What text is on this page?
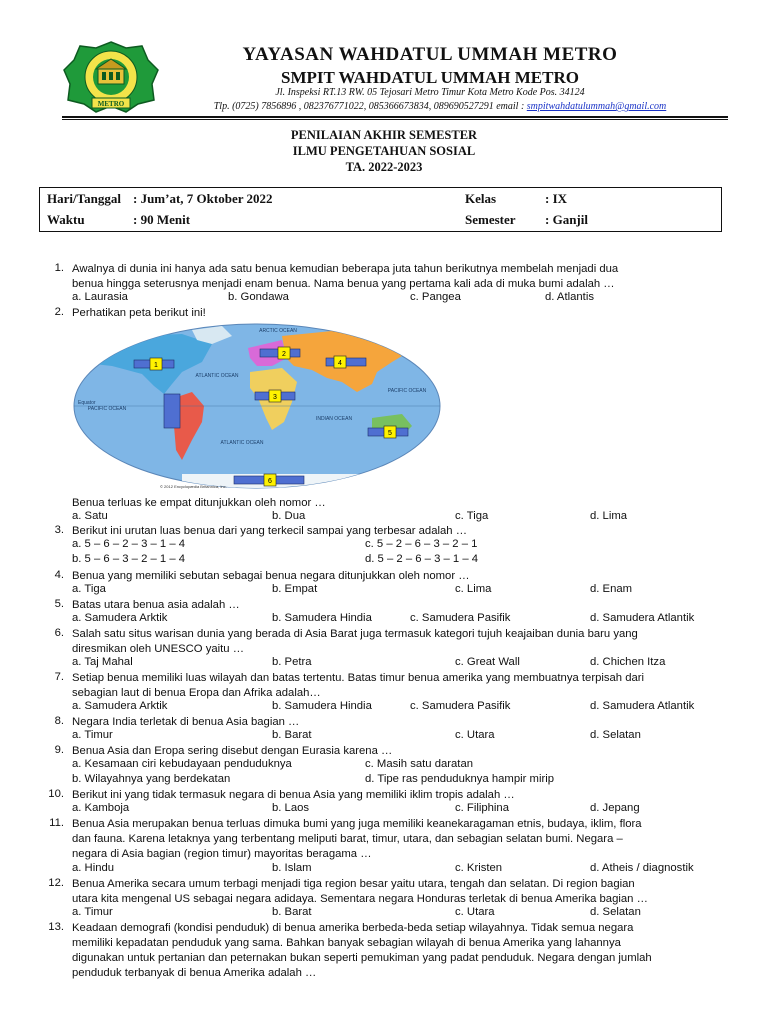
METRO
YAYASAN WAHDATUL UMMAH METRO
SMPIT WAHDATUL UMMAH METRO
Jl. Inspeksi RT.13 RW. 05 Tejosari Metro Timur Kota Metro Kode Pos. 34124
Tlp. (0725) 7856896 , 082376771022, 085366673834, 089690527291 email : smpitwahdatulummah@gmail.com
PENILAIAN AKHIR SEMESTER
ILMU PENGETAHUAN SOSIAL
TA. 2022-2023
Hari/Tanggal : Jum’at, 7 Oktober 2022
Waktu	: 90 Menit
Kelas	: IX
Semester : Ganjil
ARCTIC OCEAN
ATLANTIC OCEAN
PACIFIC OCEAN
PACIFIC OCEAN
INDIAN OCEAN
ATLANTIC OCEAN
Equator
1
2
3
4
5
6
© 2012 Encyclopædia Britannica, Inc.
1. Awalnya di dunia ini hanya ada satu benua kemudian beberapa juta tahun berikutnya membelah menjadi dua
benua hingga seterusnya menjadi enam benua. Nama benua yang pertama kali ada di muka bumi adalah …
a. Laurasia	b. Gondawa	c. Pangea	d. Atlantis
2. Perhatikan peta berikut ini!
Benua terluas ke empat ditunjukkan oleh nomor …
a. Satu	b. Dua	c. Tiga	d. Lima
3. Berikut ini urutan luas benua dari yang terkecil sampai yang terbesar adalah …
a. 5 – 6 – 2 – 3 – 1 – 4	c. 5 – 2 – 6 – 3 – 2 – 1
b. 5 – 6 – 3 – 2 – 1 – 4	d. 5 – 2 – 6 – 3 – 1 – 4
4. Benua yang memiliki sebutan sebagai benua negara ditunjukkan oleh nomor …
a. Tiga	b. Empat	c. Lima	d. Enam
5. Batas utara benua asia adalah …
a. Samudera Arktik	b. Samudera Hindia	c. Samudera Pasifik	d. Samudera Atlantik
6. Salah satu situs warisan dunia yang berada di Asia Barat juga termasuk kategori tujuh keajaiban dunia baru yang
diresmikan oleh UNESCO yaitu …
a. Taj Mahal	b. Petra	c. Great Wall	d. Chichen Itza
7. Setiap benua memiliki luas wilayah dan batas tertentu. Batas timur benua amerika yang membuatnya terpisah dari
sebagian laut di benua Eropa dan Afrika adalah…
a. Samudera Arktik	b. Samudera Hindia	c. Samudera Pasifik	d. Samudera Atlantik
8. Negara India terletak di benua Asia bagian …
a. Timur	b. Barat	c. Utara	d. Selatan
9. Benua Asia dan Eropa sering disebut dengan Eurasia karena …
a. Kesamaan ciri kebudayaan penduduknya	c. Masih satu daratan
b. Wilayahnya yang berdekatan	d. Tipe ras penduduknya hampir mirip
10. Berikut ini yang tidak termasuk negara di benua Asia yang memiliki iklim tropis adalah …
a. Kamboja	b. Laos	c. Filiphina	d. Jepang
11. Benua Asia merupakan benua terluas dimuka bumi yang juga memiliki keanekaragaman etnis, budaya, iklim, flora
dan fauna. Karena letaknya yang terbentang meliputi barat, timur, utara, dan sebagian selatan bumi. Negara –
negara di Asia bagian (region timur) mayoritas beragama …
a. Hindu	b. Islam	c. Kristen	d. Atheis / diagnostik
12. Benua Amerika secara umum terbagi menjadi tiga region besar yaitu utara, tengah dan selatan. Di region bagian
utara kita mengenal US sebagai negara adidaya. Sementara negara Honduras terletak di benua Amerika bagian …
a. Timur	b. Barat	c. Utara	d. Selatan
13. Keadaan demografi (kondisi penduduk) di benua amerika berbeda-beda setiap wilayahnya. Tidak semua negara
memiliki kepadatan penduduk yang sama. Bahkan banyak sebagian wilayah di benua Amerika yang lahannya
digunakan untuk pertanian dan peternakan bukan seperti pemukiman yang padat penduduk. Negara dengan jumlah
penduduk terbanyak di benua Amerika adalah …
